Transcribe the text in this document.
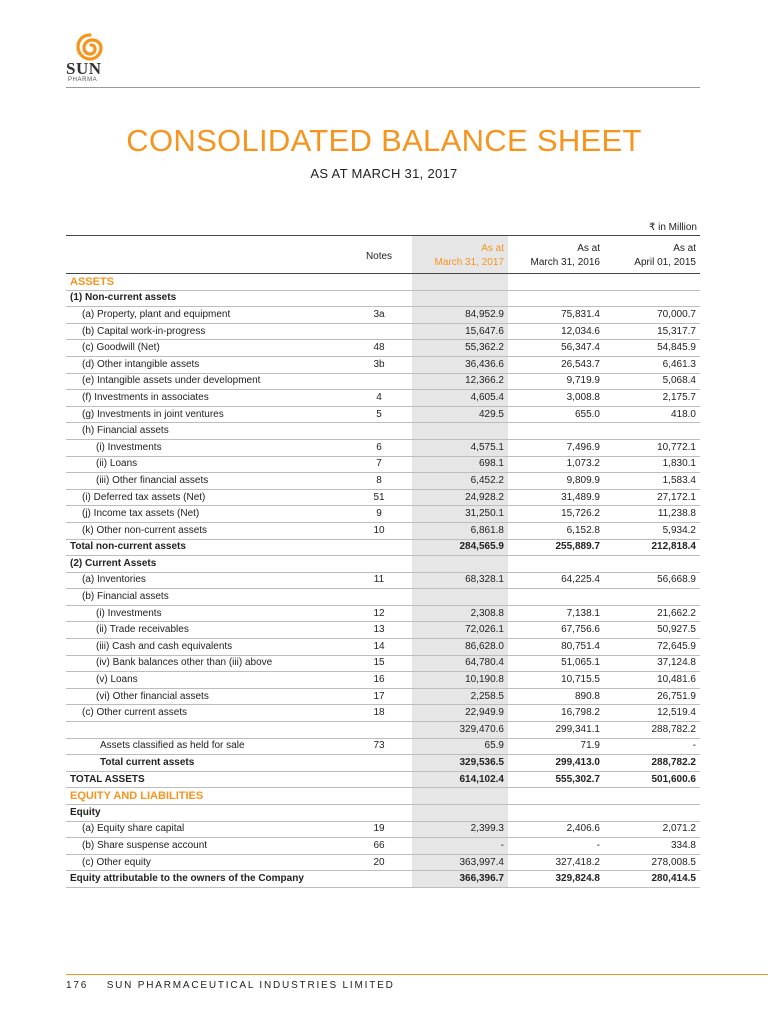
SUN
PHARMA
CONSOLIDATED BALANCE SHEET
AS AT MARCH 31, 2017
₹ in Million
	Notes	As at	As at	As at
		March 31, 2017	March 31, 2016	April 01, 2015
ASSETS				
(1) Non-current assets				
(a) Property, plant and equipment	3a	84,952.9	75,831.4	70,000.7
(b) Capital work-in-progress		15,647.6	12,034.6	15,317.7
(c) Goodwill (Net)	48	55,362.2	56,347.4	54,845.9
(d) Other intangible assets	3b	36,436.6	26,543.7	6,461.3
(e) Intangible assets under development		12,366.2	9,719.9	5,068.4
(f) Investments in associates	4	4,605.4	3,008.8	2,175.7
(g) Investments in joint ventures	5	429.5	655.0	418.0
(h) Financial assets				
(i) Investments	6	4,575.1	7,496.9	10,772.1
(ii) Loans	7	698.1	1,073.2	1,830.1
(iii) Other financial assets	8	6,452.2	9,809.9	1,583.4
(i) Deferred tax assets (Net)	51	24,928.2	31,489.9	27,172.1
(j) Income tax assets (Net)	9	31,250.1	15,726.2	11,238.8
(k) Other non-current assets	10	6,861.8	6,152.8	5,934.2
Total non-current assets		284,565.9	255,889.7	212,818.4
(2) Current Assets				
(a) Inventories	11	68,328.1	64,225.4	56,668.9
(b) Financial assets				
(i) Investments	12	2,308.8	7,138.1	21,662.2
(ii) Trade receivables	13	72,026.1	67,756.6	50,927.5
(iii) Cash and cash equivalents	14	86,628.0	80,751.4	72,645.9
(iv) Bank balances other than (iii) above	15	64,780.4	51,065.1	37,124.8
(v) Loans	16	10,190.8	10,715.5	10,481.6
(vi) Other financial assets	17	2,258.5	890.8	26,751.9
(c) Other current assets	18	22,949.9	16,798.2	12,519.4
		329,470.6	299,341.1	288,782.2
Assets classified as held for sale	73	65.9	71.9	-
Total current assets		329,536.5	299,413.0	288,782.2
TOTAL ASSETS		614,102.4	555,302.7	501,600.6
EQUITY AND LIABILITIES				
Equity				
(a) Equity share capital	19	2,399.3	2,406.6	2,071.2
(b) Share suspense account	66	-	-	334.8
(c) Other equity	20	363,997.4	327,418.2	278,008.5
Equity attributable to the owners of the Company		366,396.7	329,824.8	280,414.5
176 SUN PHARMACEUTICAL INDUSTRIES LIMITED
